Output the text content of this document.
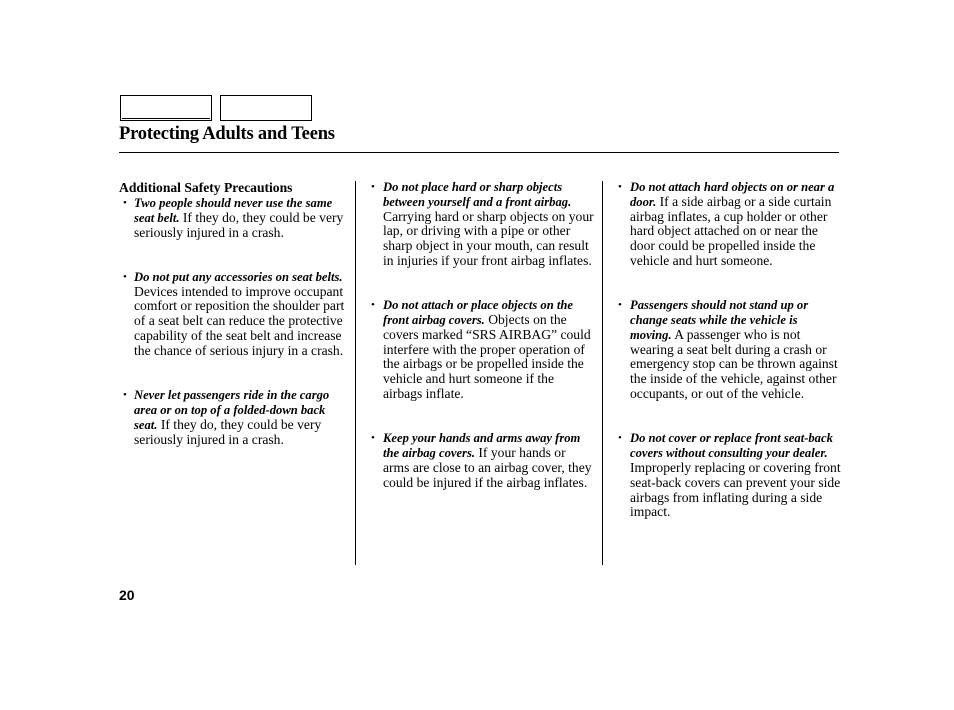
Protecting Adults and Teens

Additional Safety Precautions

• Two people should never use the same seat belt. If they do, they could be very seriously injured in a crash.
• Do not put any accessories on seat belts. Devices intended to improve occupant comfort or reposition the shoulder part of a seat belt can reduce the protective capability of the seat belt and increase the chance of serious injury in a crash.
• Never let passengers ride in the cargo area or on top of a folded-down back seat. If they do, they could be very seriously injured in a crash.
• Do not place hard or sharp objects between yourself and a front airbag. Carrying hard or sharp objects on your lap, or driving with a pipe or other sharp object in your mouth, can result in injuries if your front airbag inflates.
• Do not attach or place objects on the front airbag covers. Objects on the covers marked “SRS AIRBAG” could interfere with the proper operation of the airbags or be propelled inside the vehicle and hurt someone if the airbags inflate.
• Keep your hands and arms away from the airbag covers. If your hands or arms are close to an airbag cover, they could be injured if the airbag inflates.
• Do not attach hard objects on or near a door. If a side airbag or a side curtain airbag inflates, a cup holder or other hard object attached on or near the door could be propelled inside the vehicle and hurt someone.
• Passengers should not stand up or change seats while the vehicle is moving. A passenger who is not wearing a seat belt during a crash or emergency stop can be thrown against the inside of the vehicle, against other occupants, or out of the vehicle.
• Do not cover or replace front seat-back covers without consulting your dealer. Improperly replacing or covering front seat-back covers can prevent your side airbags from inflating during a side impact.
20
